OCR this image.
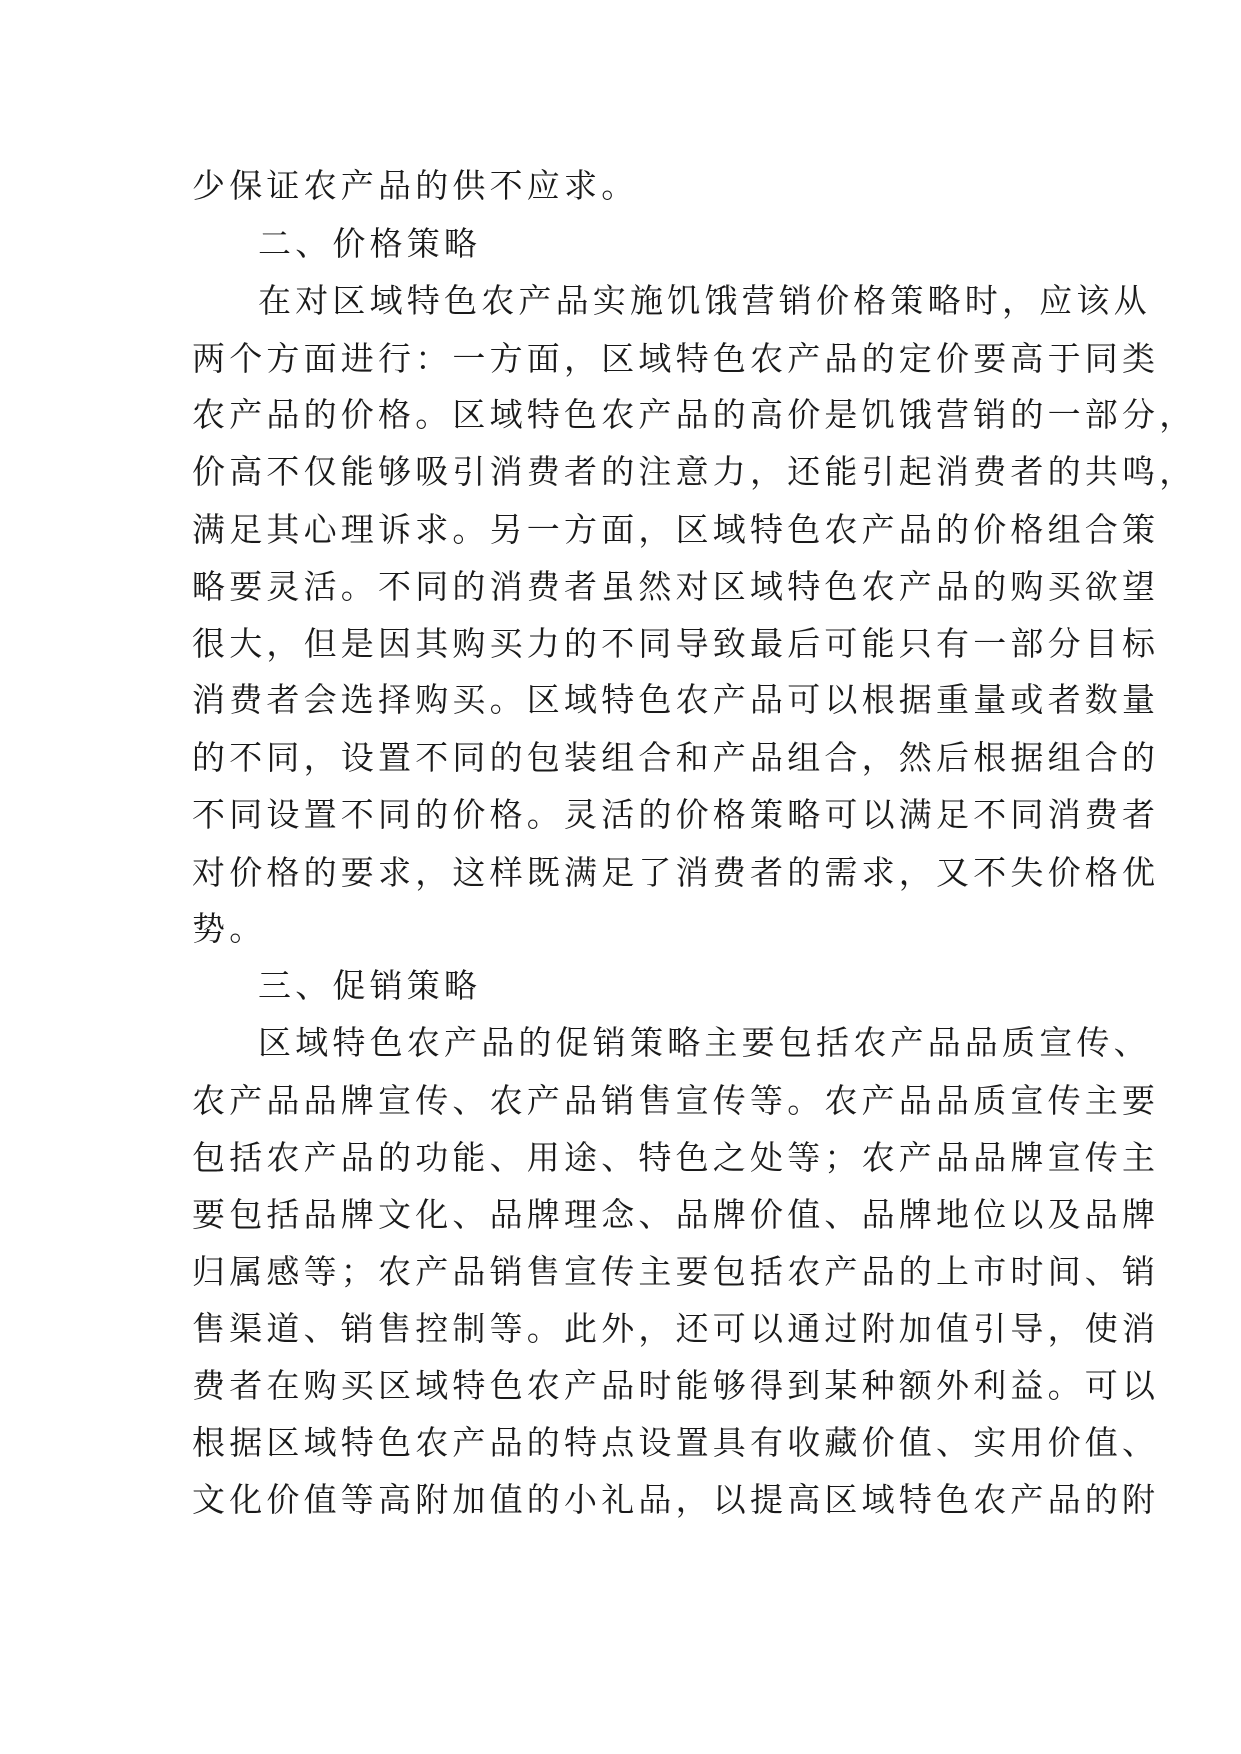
少保证农产品的供不应求。
二、价格策略
在对区域特色农产品实施饥饿营销价格策略时，应该从
两个方面进行：一方面，区域特色农产品的定价要高于同类
农产品的价格。区域特色农产品的高价是饥饿营销的一部分，
价高不仅能够吸引消费者的注意力，还能引起消费者的共鸣，
满足其心理诉求。另一方面，区域特色农产品的价格组合策
略要灵活。不同的消费者虽然对区域特色农产品的购买欲望
很大，但是因其购买力的不同导致最后可能只有一部分目标
消费者会选择购买。区域特色农产品可以根据重量或者数量
的不同，设置不同的包装组合和产品组合，然后根据组合的
不同设置不同的价格。灵活的价格策略可以满足不同消费者
对价格的要求，这样既满足了消费者的需求，又不失价格优
势。
三、促销策略
区域特色农产品的促销策略主要包括农产品品质宣传、
农产品品牌宣传、农产品销售宣传等。农产品品质宣传主要
包括农产品的功能、用途、特色之处等；农产品品牌宣传主
要包括品牌文化、品牌理念、品牌价值、品牌地位以及品牌
归属感等；农产品销售宣传主要包括农产品的上市时间、销
售渠道、销售控制等。此外，还可以通过附加值引导，使消
费者在购买区域特色农产品时能够得到某种额外利益。可以
根据区域特色农产品的特点设置具有收藏价值、实用价值、
文化价值等高附加值的小礼品，以提高区域特色农产品的附
